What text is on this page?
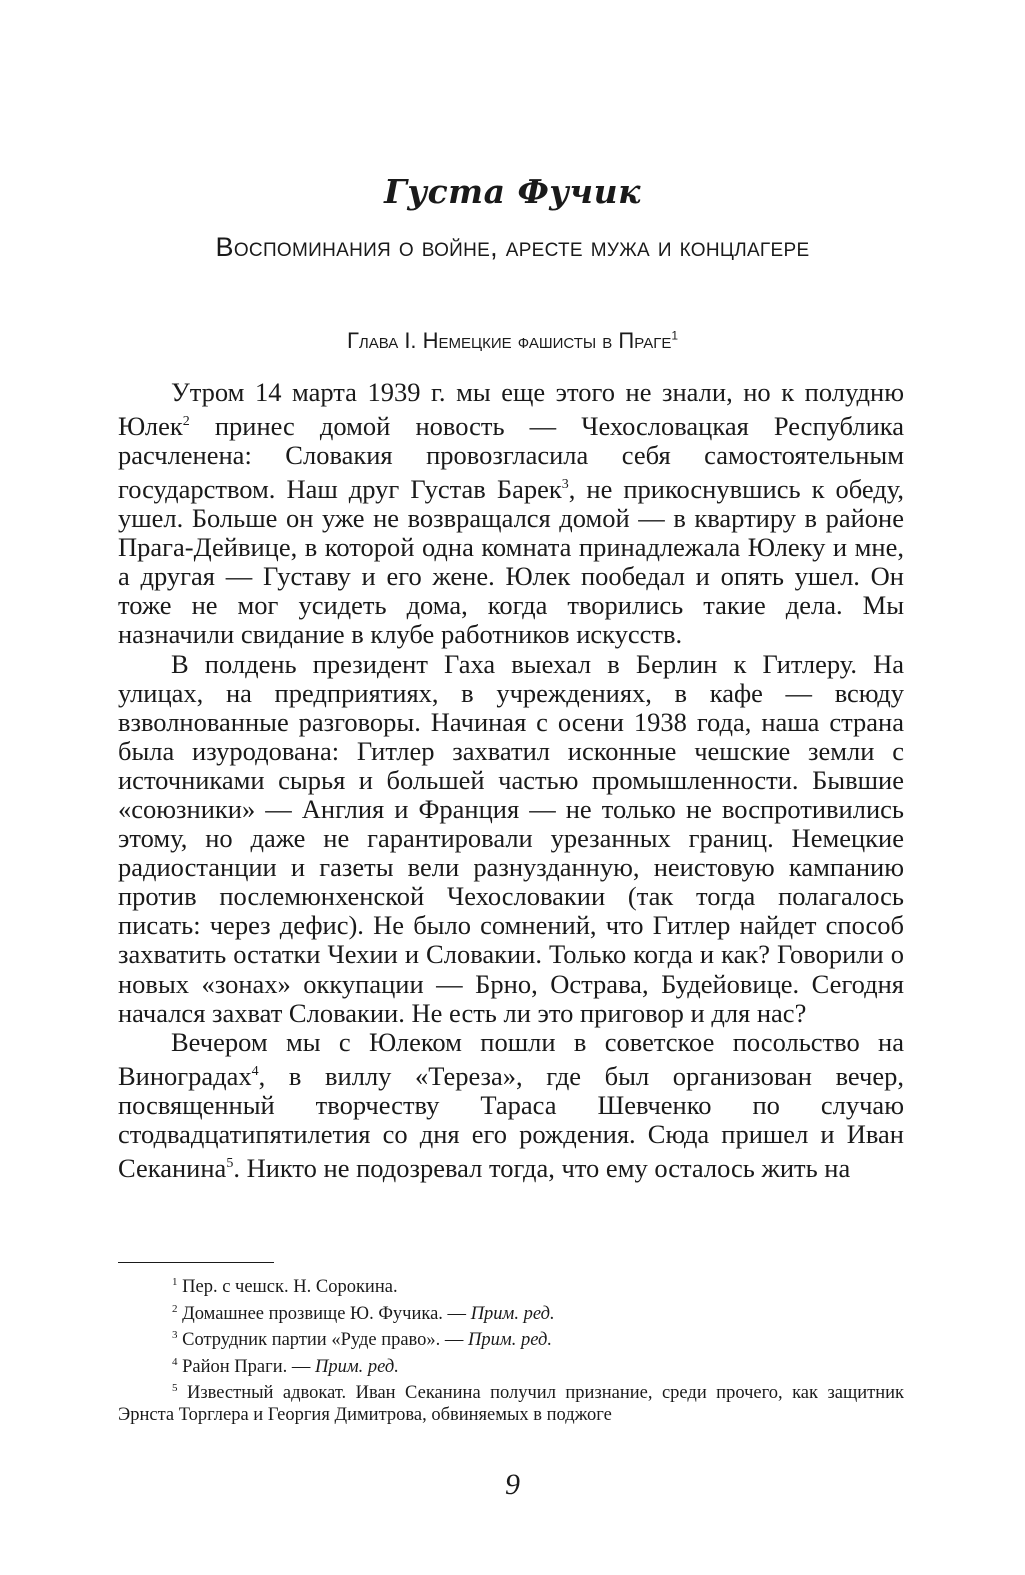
Густа Фучик
Воспоминания о войне, аресте мужа и концлагере
Глава I. Немецкие фашисты в Праге$^1$

Утром 14 марта 1939 г. мы еще этого не знали, но к полудню Юлек$^2$ принес домой новость — Чехословацкая Республика расчленена: Словакия провозгласила себя самостоятельным государством. Наш друг Густав Барек$^3$, не прикоснувшись к обеду, ушел. Больше он уже не возвращался домой — в квартиру в районе Прага-Дейвице, в которой одна комната принадлежала Юлеку и мне, а другая — Густаву и его жене. Юлек пообедал и опять ушел. Он тоже не мог усидеть дома, когда творились такие дела. Мы назначили свидание в клубе работников искусств.

В полдень президент Гаха выехал в Берлин к Гитлеру. На улицах, на предприятиях, в учреждениях, в кафе — всюду взволнованные разговоры. Начиная с осени 1938 года, наша страна была изуродована: Гитлер захватил исконные чешские земли с источниками сырья и большей частью промышленности. Бывшие «союзники» — Англия и Франция — не только не воспротивились этому, но даже не гарантировали урезанных границ. Немецкие радиостанции и газеты вели разнузданную, неистовую кампанию против послемюнхенской Чехословакии (так тогда полагалось писать: через дефис). Не было сомнений, что Гитлер найдет способ захватить остатки Чехии и Словакии. Только когда и как? Говорили о новых «зонах» оккупации — Брно, Острава, Будейовице. Сегодня начался захват Словакии. Не есть ли это приговор и для нас?

Вечером мы с Юлеком пошли в советское посольство на Виноградах$^4$, в виллу «Тереза», где был организован вечер, посвященный творчеству Тараса Шевченко по случаю стодвадцатипятилетия со дня его рождения. Сюда пришел и Иван Секанина$^5$. Никто не подозревал тогда, что ему осталось жить на

$^1$ Пер. с чешск. Н. Сорокина.

$^2$ Домашнее прозвище Ю. Фучика. — Прим. ред.

$^3$ Сотрудник партии «Руде право». — Прим. ред.

$^4$ Район Праги. — Прим. ред.

$^5$ Известный адвокат. Иван Секанина получил признание, среди прочего, как защитник Эрнста Торглера и Георгия Димитрова, обвиняемых в поджоге

9
